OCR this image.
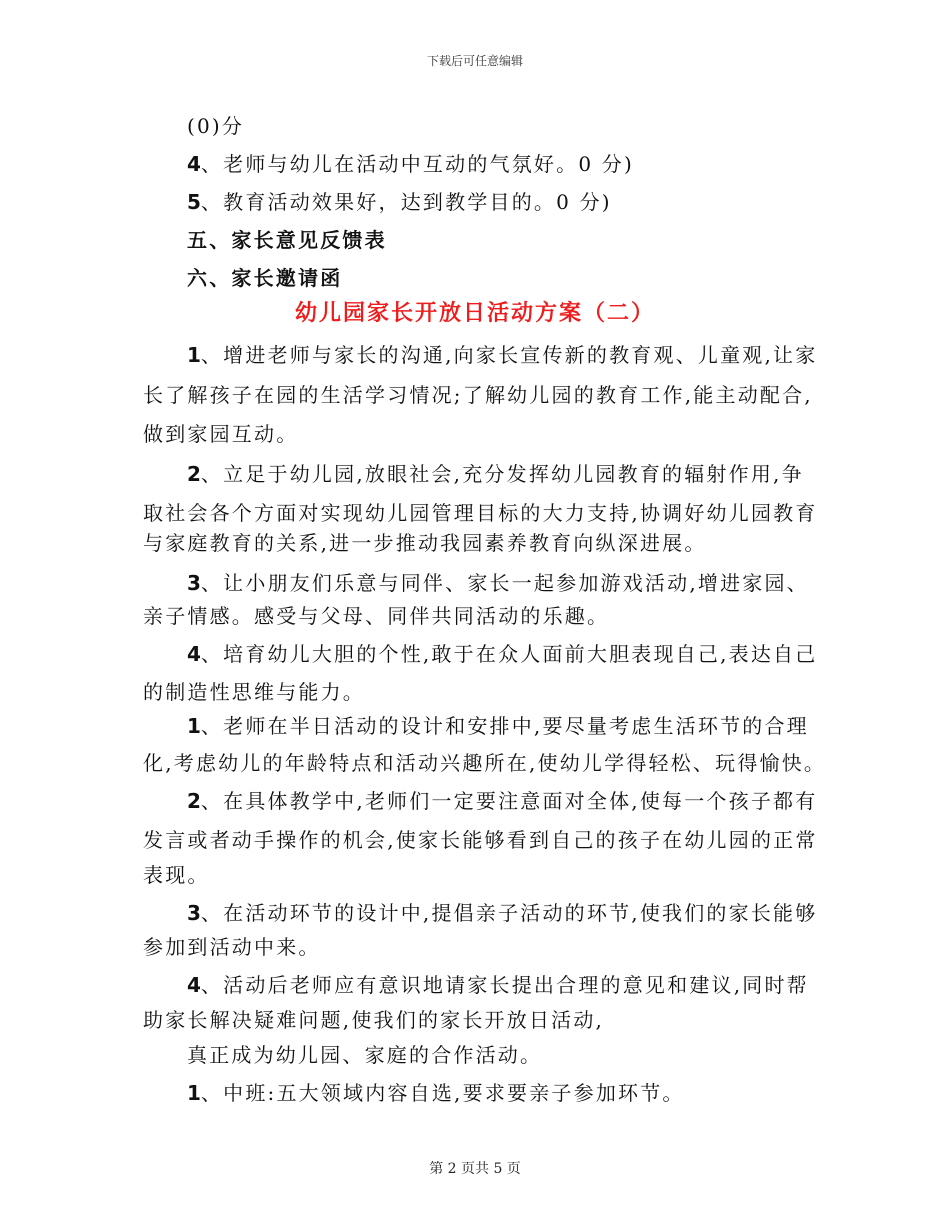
下载后可任意编辑
(0)分
4、老师与幼儿在活动中互动的气氛好。0 分)
5、教育活动效果好，达到教学目的。0 分)
五、家长意见反馈表
六、家长邀请函
幼儿园家长开放日活动方案（二）
1、增进老师与家长的沟通,向家长宣传新的教育观、儿童观,让家
长了解孩子在园的生活学习情况;了解幼儿园的教育工作,能主动配合,
做到家园互动。
2、立足于幼儿园,放眼社会,充分发挥幼儿园教育的辐射作用,争
取社会各个方面对实现幼儿园管理目标的大力支持,协调好幼儿园教育
与家庭教育的关系,进一步推动我园素养教育向纵深进展。
3、让小朋友们乐意与同伴、家长一起参加游戏活动,增进家园、
亲子情感。感受与父母、同伴共同活动的乐趣。
4、培育幼儿大胆的个性,敢于在众人面前大胆表现自己,表达自己
的制造性思维与能力。
1、老师在半日活动的设计和安排中,要尽量考虑生活环节的合理
化,考虑幼儿的年龄特点和活动兴趣所在,使幼儿学得轻松、玩得愉快。
2、在具体教学中,老师们一定要注意面对全体,使每一个孩子都有
发言或者动手操作的机会,使家长能够看到自己的孩子在幼儿园的正常
表现。
3、在活动环节的设计中,提倡亲子活动的环节,使我们的家长能够
参加到活动中来。
4、活动后老师应有意识地请家长提出合理的意见和建议,同时帮
助家长解决疑难问题,使我们的家长开放日活动,
真正成为幼儿园、家庭的合作活动。
1、中班:五大领域内容自选,要求要亲子参加环节。
第 2 页共 5 页
